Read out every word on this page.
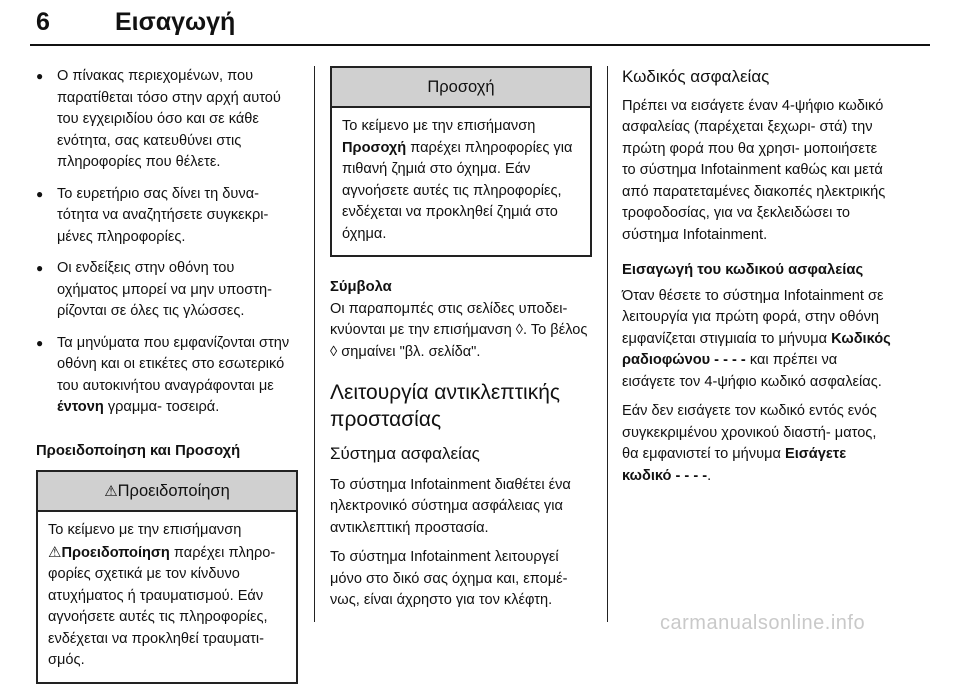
6	Εισαγωγή
● Ο πίνακας περιεχομένων, που παρατίθεται τόσο στην αρχή αυτού του εγχειριδίου όσο και σε κάθε ενότητα, σας κατευθύνει στις πληροφορίες που θέλετε.
● Το ευρετήριο σας δίνει τη δυνα- τότητα να αναζητήσετε συγκεκρι- μένες πληροφορίες.
● Οι ενδείξεις στην οθόνη του οχήματος μπορεί να μην υποστη- ρίζονται σε όλες τις γλώσσες.
● Τα μηνύματα που εμφανίζονται στην οθόνη και οι ετικέτες στο εσωτερικό του αυτοκινήτου αναγράφονται με έντονη γραμμα- τοσειρά.
Προειδοποίηση και Προσοχή
⚠Προειδοποίηση
Το κείμενο με την επισήμανση
⚠Προειδοποίηση παρέχει πληρο- φορίες σχετικά με τον κίνδυνο ατυχήματος ή τραυματισμού. Εάν αγνοήσετε αυτές τις πληροφορίες, ενδέχεται να προκληθεί τραυματι- σμός.
Προσοχή
Το κείμενο με την επισήμανση
Προσοχή παρέχει πληροφορίες για πιθανή ζημιά στο όχημα. Εάν αγνοήσετε αυτές τις πληροφορίες, ενδέχεται να προκληθεί ζημιά στο όχημα.
Σύμβολα

Οι παραπομπές στις σελίδες υποδει- κνύονται με την επισήμανση ◊. Το βέλος ◊ σημαίνει "βλ. σελίδα".

Λειτουργία αντικλεπτικής προστασίας
Σύστημα ασφαλείας

Το σύστημα Infotainment διαθέτει ένα ηλεκτρονικό σύστημα ασφάλειας για αντικλεπτική προστασία.

Το σύστημα Infotainment λειτουργεί μόνο στο δικό σας όχημα και, επομέ- νως, είναι άχρηστο για τον κλέφτη.

Κωδικός ασφαλείας

Πρέπει να εισάγετε έναν 4-ψήφιο κωδικό ασφαλείας (παρέχεται ξεχωρι- στά) την πρώτη φορά που θα χρησι- μοποιήσετε το σύστημα Infotainment καθώς και μετά από παρατεταμένες διακοπές ηλεκτρικής τροφοδοσίας, για να ξεκλειδώσει το σύστημα Infotainment.

Εισαγωγή του κωδικού ασφαλείας

Όταν θέσετε το σύστημα Infotainment σε λειτουργία για πρώτη φορά, στην οθόνη εμφανίζεται στιγμιαία το μήνυμα Κωδικός ραδιοφώνου - - - - και πρέπει να εισάγετε τον 4-ψήφιο κωδικό ασφαλείας.

Εάν δεν εισάγετε τον κωδικό εντός ενός συγκεκριμένου χρονικού διαστή- ματος, θα εμφανιστεί το μήνυμα Εισάγετε κωδικό - - - -.

carmanualsonline.info
